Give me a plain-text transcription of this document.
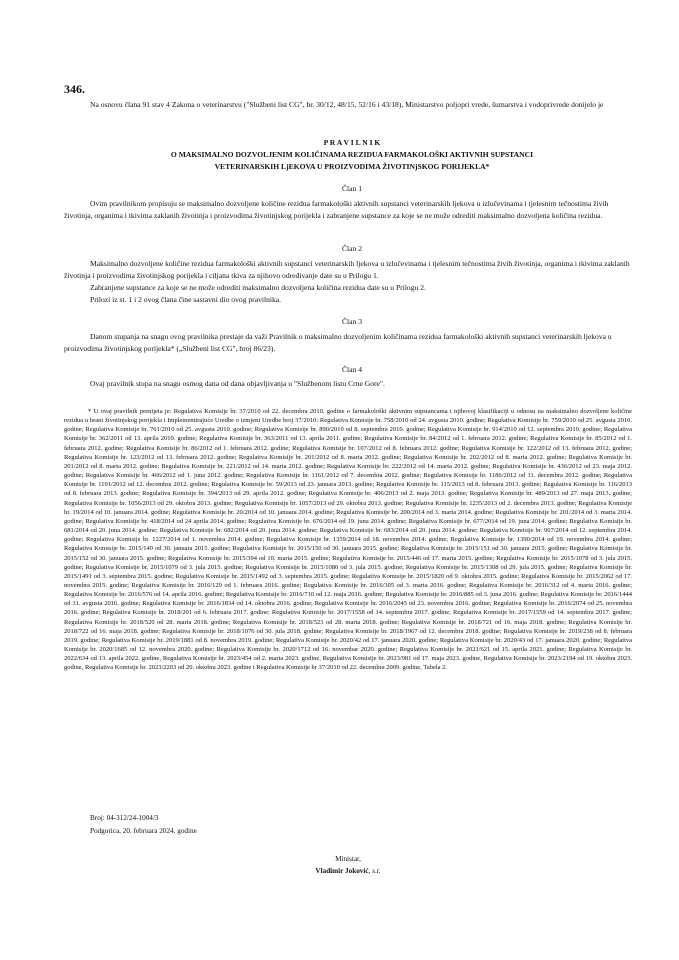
346.

Na osnovu člana 91 stav 4 Zakona o veterinarstvu ("Službeni list CG", br. 30/12, 48/15, 52/16 i 43/18), Ministarstvo poljopri vrede, šumarstva i vodoprivrede donijelo je

P R A V I L N I K
O MAKSIMALNO DOZVOLJENIM KOLIČINAMA REZIDUA FARMAKOLOŠKI AKTIVNIH SUPSTANCI
VETERINARSKIH LjEKOVA U PROIZVODIMA ŽIVOTINjSKOG PORIJEKLA*
Član 1

Ovim pravilnikom propisuju se maksimalno dozvoljene količine rezidua farmakološki aktivnih supstanci veterinarskih ljekova u izlučevinama i tjelesnim tečnostima živih životinja, organima i tkivima zaklanih životinja i proizvodima životinjskog porijekla i zabranjene supstance za koje se ne može odrediti maksimalno dozvoljena količina rezidua.

Član 2

Maksimalno dozvoljene količine rezidua farmakološki aktivnih supstanci veterinarskih ljekova u izlučevinama i tjelesnim tečnostima živih životinja, organima i tkivima zaklanih životinja i proizvodima životinjskog porijekla i ciljana tkiva za njihovo određivanje date su u Prilogu 1.

Zabranjene supstance za koje se ne može odrediti maksimalno dozvoljena količina rezidua date su u Prilogu 2.

Prilozi iz st. 1 i 2 ovog člana čine sastavni dio ovog pravilnika.

Član 3

Danom stupanja na snagu ovog pravilnika prestaje da važi Pravilnik o maksimalno dozvoljenim količinama rezidua farmakološki aktivnih supstanci veterinarskih ljekova u proizvodima životinjskog porijekla* („Službeni list CG", broj 86/23).

Član 4

Ovaj pravilnik stupa na snagu osmog dana od dana objavljivanja u "Službenom listu Crne Gore".

* U ovaj pravilnik prenijeta je: Regulativa Komisije br. 37/2010 od 22. decembra 2010. godine o farmakološki aktivnim supstancama i njihovoj klasifikaciji u odnosu na maksimalno dozvoljene količine rezidua u hrani životinjskog porijekla i Implementirajuće Uredbe o izmjeni Uredbe broj 37/2010: Regulativa Komisije br. 758/2010 od 24. avgusta 2010. godine; Regulativa Komisije br. 759/2010 od 25. avgusta 2010. godine; Regulativa Komisije br. 761/2010 od 25. avgusta 2010. godine; Regulativa Komisije br. 890/2010 od 8. septembra 2010. godine; Regulativa Komisije br. 914/2010 od 12. septembra 2010. godine; Regulativa Komisije br. 362/2011 od 13. aprila 2010. godine; Regulativa Komisije br. 363/2011 od 13. aprila 2011. godine; Regulativa Komisije br. 84/2012 od 1. februara 2012. godine; Regulativa Komisije br. 85/2012 od 1. februara 2012. godine; Regulativa Komisije br. 86/2012 od 1. februara 2012. godine; Regulativa Komisije br. 107/2012 od 8. februara 2012. godine; Regulativa Komisije br. 122/2012 od 13. februara 2012. godine; Regulativa Komisije br. 123/2012 od 13. februara 2012. godine; Regulativa Komisije br. 201/2012 od 8. marta 2012. godine; Regulativa Komisije br. 202/2012 od 8. marta 2012. godine; Regulativa Komisije br. 201/2012 od 8. marta 2012. godine; Regulativa Komisije br. 221/2012 od 14. marta 2012. godine; Regulativa Komisije br. 222/2012 od 14. marta 2012. godine; Regulativa Komisije br. 436/2012 od 23. maja 2012. godine; Regulativa Komisije br. 466/2012 od 1. juna 2012. godine; Regulativa Komisije br. 1161/2012 od 7. decembra 2012. godine; Regulativa Komisije br. 1186/2012 od 11. decembra 2012. godine; Regulativa Komisije br. 1191/2012 od 12. decembra 2012. godine; Regulativa Komisije br. 59/2013 od 23. januara 2013. godine; Regulativa Komisije br. 115/2013 od 8. februara 2013. godine; Regulativa Komisije br. 116/2013 od 8. februara 2013. godine; Regulativa Komisije br. 394/2013 od 29. aprila 2012. godine; Regulativa Komisije br. 406/2013 od 2. maja 2013. godine; Regulativa Komisije br. 489/2013 od 27. maja 2013. godine; Regulativa Komisije br. 1056/2013 od 29. oktobra 2013. godine; Regulativa Komisije br. 1057/2013 od 29. oktobra 2013. godine; Regulativa Komisije br. 1235/2013 od 2. decembra 2013. godine; Regulativa Komisije br. 19/2014 od 10. januara 2014. godine; Regulativa Komisije br. 20/2014 od 10. januara 2014. godine; Regulativa Komisije br. 200/2014 od 3. marta 2014. godine; Regulativa Komisije br. 201/2014 od 3. marta 2014. godine; Regulativa Komisije br. 418/2014 od 24 aprila 2014. godine; Regulativa Komisije br. 676/2014 od 19. juna 2014. godine; Regulativa Komisije br. 677/2014 od 19. juna 2014. godine; Regulativa Komisije br. 681/2014 od 20. juna 2014. godine; Regulativa Komisije br. 682/2014 od 20. juna 2014. godine; Regulativa Komisije br. 683/2014 od 20. juna 2014. godine; Regulativa Komisije br. 967/2014 od 12. septembra 2014. godine; Regulativa Komisije br. 1227/2014 od 1. novembra 2014. godine; Regulativa Komisije br. 1359/2014 od 18. novembra 2014. godine; Regulativa Komisije br. 1390/2014 od 19. novembra 2014. godine; Regulativa Komisije br. 2015/149 od 30. januara 2015. godine; Regulativa Komisije br. 2015/150 od 30. januara 2015. godine; Regulativa Komisije br. 2015/151 od 30. januara 2015. godine; Regulativa Komisije br. 2015/152 od 30. januara 2015. godine; Regulativa Komisije br. 2015/394 od 10. marta 2015. godine; Regulativa Komisije br. 2015/446 od 17. marta 2015. godine; Regulativa Komisije br. 2015/1078 od 3. jula 2015. godine; Regulativa Komisije br. 2015/1079 od 3. jula 2015. godine; Regulativa Komisije br. 2015/1080 od 3. jula 2015. godine; Regulativa Komisije br. 2015/1308 od 29. jula 2015. godine; Regulativa Komisije br. 2015/1491 od 3. septembra 2015. godine; Regulativa Komisije br. 2015/1492 od 3. septembra 2015. godine; Regulativa Komisije br. 2015/1820 od 9. oktobra 2015. godine; Regulativa Komisije br. 2015/2062 od 17. novembra 2015. godine; Regulativa Komisije br. 2016/129 od 1. februara 2016. godine; Regulativa Komisije br. 2016/305 od 3. marta 2016. godine; Regulativa Komisije br. 2016/312 od 4. marta 2016. godine; Regulativa Komisije br. 2016/576 od 14. aprila 2016. godine; Regulativa Komisije br. 2016/710 od 12. maja 2016. godine; Regulativa Komisije br. 2016/885 od 3. juna 2016. godine; Regulativa Komisije br. 2016/1444 od 31. avgusta 2016. godine; Regulativa Komisije br. 2016/1834 od 14. oktobra 2016. godine; Regulativa Komisije br. 2016/2045 od 23. novembra 2016. godine; Regulativa Komisije br. 2016/2074 od 25. novembra 2016. godine; Regulativa Komisije br. 2018/201 od 6. februara 2017. godine; Regulativa Komisije br. 2017/1558 od 14. septembra 2017. godine; Regulativa Komisije br. 2017/1559 od 14. septembra 2017. godine; Regulativa Komisije br. 2018/520 od 28. marta 2018. godine; Regulativa Komisije br. 2018/523 od 28. marta 2018. godine; Regulativa Komisije br. 2018/721 od 16. maja 2018. godine; Regulativa Komisije br. 2018/722 od 16. maja 2018. godine; Regulativa Komisije br. 2018/1076 od 30. jula 2018. godine; Regulativa Komisije br. 2018/1967 od 12. decembra 2018. godine; Regulativa Komisije br. 2019/238 od 8. februara 2019. godine; Regulativa Komisije br. 2019/1881 od 8. novembra 2019. godine; Regulativa Komisije br. 2020/42 od 17. januara 2020. godine; Regulativa Komisije br. 2020/43 od 17. januara 2020. godine; Regulativa Komisije br. 2020/1685 od 12. novembra 2020. godine; Regulativa Komisije br. 2020/1712 od 16. novembar 2020. godine; Regulativa Komisije br. 2021/621 od 15. aprila 2021. godine; Regulativa Komisije br. 2022/634 od 13. aprila 2022. godine, Regulativa Komisije br. 2023/454 od 2. marta 2023. godine, Regulativa Komisije br. 2023/981 od 17. maja 2023. godine, Regulativa Komisije br. 2023/2194 od 19. oktobra 2023. godine, Regulativa Komisije br. 2023/2203 od 20. oktobra 2023. godine i Regulativa Komisije br 37/2010 od 22. decembra 2009. godine, Tabela 2.

Broj: 04-312/24-1004/3
Podgorica, 20. februara 2024. godine
Ministar,
Vladimir Joković, s.r.
